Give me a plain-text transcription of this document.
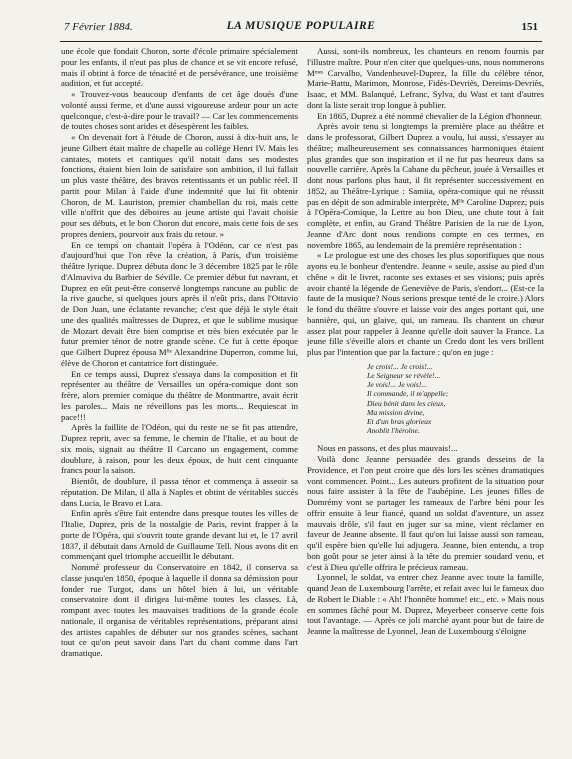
7 Février 1884.	LA MUSIQUE POPULAIRE	151

une école que fondait Choron, sorte d'école primaire spécialement pour les enfants, il n'eut pas plus de chance et se vit encore refusé, mais il obtint à force de ténacité et de persévérance, une troisième audition, et fut accepté.

« Trouvez-vous beaucoup d'enfants de cet âge doués d'une volonté aussi ferme, et d'une aussi vigoureuse ardeur pour un acte quelconque, c'est-à-dire pour le travail? — Car les commencements de toutes choses sont arides et désespèrent les faibles.

« On devenait fort à l'étude de Choron, aussi à dix-huit ans, le jeune Gilbert était maître de chapelle au collège Henri IV. Mais les cantates, motets et cantiques qu'il notait dans ses modestes fonctions, étaient bien loin de satisfaire son ambition, il lui fallait un plus vaste théâtre, des bravos retentissants et un public réel. Il partit pour Milan à l'aide d'une indemnité que lui fit obtenir Choron, de M. Lauriston, premier chambellan du roi, mais cette ville n'offrit que des déboires au jeune artiste qui l'avait choisie pour ses débuts, et le bon Choron dut encore, mais cette fois de ses propres deniers, pourvoir aux frais du retour. »

En ce temps on chantait l'opéra à l'Odéon, car ce n'est pas d'aujourd'hui que l'on rêve la création, à Paris, d'un troisième théâtre lyrique. Duprez débuta donc le 3 décembre 1825 par le rôle d'Almaviva du Barbier de Séville. Ce premier début fut navrant, et Duprez en eût peut-être conservé longtemps rancune au public de la rive gauche, si quelques jours après il n'eût pris, dans l'Ottavio de Don Juan, une éclatante revanche; c'est que déjà le style était une des qualités maîtresses de Duprez, et que le sublime musique de Mozart devait être bien comprise et très bien exécutée par le futur premier ténor de notre grande scène. Ce fut à cette époque que Gilbert Duprez épousa Mˡˡᵉ Alexandrine Duperron, comme lui, élève de Choron et cantatrice fort distinguée.

En ce temps aussi, Duprez s'essaya dans la composition et fit représenter au théâtre de Versailles un opéra-comique dont son frère, alors premier comique du théâtre de Montmartre, avait écrit les paroles... Mais ne réveillons pas les morts... Requiescat in pace!!!

Après la faillite de l'Odéon, qui du reste ne se fit pas attendre, Duprez reprit, avec sa femme, le chemin de l'Italie, et au bout de six mois, signait au théâtre Il Carcano un engagement, comme doublure, à raison, pour les deux époux, de huit cent cinquante francs pour la saison.

Bientôt, de doublure, il passa ténor et commença à asseoir sa réputation. De Milan, il alla à Naples et obtint de véritables succès dans Lucia, le Bravo et Lara.

Enfin après s'être fait entendre dans presque toutes les villes de l'Italie, Duprez, pris de la nostalgie de Paris, revint frapper à la porte de l'Opéra, qui s'ouvrit toute grande devant lui et, le 17 avril 1837, il débutait dans Arnold de Guillaume Tell. Nous avons dit en commençant quel triomphe accueillit le débutant.

Nommé professeur du Conservatoire en 1842, il conserva sa classe jusqu'en 1850, époque à laquelle il donna sa démission pour fonder rue Turgot, dans un hôtel bien à lui, un véritable conservatoire dont il dirigea lui-même toutes les classes. Là, rompant avec toutes les mauvaises traditions de la grande école nationale, il organisa de véritables représentations, préparant ainsi des artistes capables de débuter sur nos grandes scènes, sachant tout ce qu'on peut savoir dans l'art du chant comme dans l'art dramatique.

Aussi, sont-ils nombreux, les chanteurs en renom fournis par l'illustre maître. Pour n'en citer que quelques-uns, nous nommerons Mᵐᵉˢ Carvalho, Vandenheuvel-Duprez, la fille du célèbre ténor, Marie-Battu, Marimon, Monrose, Fidès-Devriès, Dereims-Devriès, Isaac, et MM. Balanqué, Lefranc, Sylva, du Wast et tant d'autres dont la liste serait trop longue à publier.

En 1865, Duprez a été nommé chevalier de la Légion d'honneur.

Après avoir tenu si longtemps la première place au théâtre et dans le professorat, Gilbert Duprez a voulu, lui aussi, s'essayer au théâtre; malheureusement ses connaissances harmoniques étaient plus grandes que son inspiration et il ne fut pas heureux dans sa nouvelle carrière. Après la Cabane du pêcheur, jouée à Versailles et dont nous parlons plus haut, il fit représenter successivement en 1852, au Théâtre-Lyrique : Samiia, opéra-comique qui ne réussit pas en dépit de son admirable interprète, Mˡˡᵉ Caroline Duprez; puis à l'Opéra-Comique, la Lettre au bon Dieu, une chute tout à fait complète, et enfin, au Grand Théâtre Parisien de la rue de Lyon, Jeanne d'Arc dont nous rendions compte en ces termes, en novembre 1865, au lendemain de la première représentation :

« Le prologue est une des choses les plus soporifiques que nous ayons eu le bonheur d'entendre. Jeanne « seule, assise au pied d'un chêne » dit le livret, raconte ses extases et ses visions; puis après avoir chanté la légende de Geneviève de Paris, s'endort... (Est-ce la faute de la musique? Nous serions presque tenté de le croire.) Alors le fond du théâtre s'ouvre et laisse voir des anges portant qui, une bannière, qui, un glaive, qui, un rameau. Ils chantent un chœur assez plat pour rappeler à Jeanne qu'elle doit sauver la France. La jeune fille s'éveille alors et chante un Credo dont les vers brillent plus par l'intention que par la facture : qu'on en juge :

Je crois!... Je crois!...
Le Seigneur se révèle!...
Je vois!... Je vois!...
Il commande, il m'appelle;
Dieu bénit dans les cieux,
Ma mission divine,
Et d'un bras glorieux
Anoblit l'héroïne.

Nous en passons, et des plus mauvais!...

Voilà donc Jeanne persuadée des grands desseins de la Providence, et l'on peut croire que dès lors les scènes dramatiques vont commencer. Point... Les auteurs profitent de la situation pour nous faire assister à la fête de l'aubépine. Les jeunes filles de Domrémy vont se partager les rameaux de l'arbre béni pour les offrir ensuite à leur fiancé, quand un soldat d'aventure, un assez mauvais drôle, s'il faut en juger sur sa mine, vient réclamer en faveur de Jeanne absente. Il faut qu'on lui laisse aussi son rameau, qu'il espère bien qu'elle lui adjugera. Jeanne, bien entendu, a trop bon goût pour se jeter ainsi à la tête du premier soudard venu, et c'est à Dieu qu'elle offrira le précieux rameau.

Lyonnel, le soldat, va entrer chez Jeanne avec toute la famille, quand Jean de Luxembourg l'arrête, et refait avec lui le fameux duo de Robert le Diable : « Ah! l'honnête homme! etc., etc. » Mais nous en sommes fâché pour M. Duprez, Meyerbeer conserve cette fois tout l'avantage. — Après ce joli marché ayant pour but de faire de Jeanne la maîtresse de Lyonnel, Jean de Luxembourg s'éloigne
